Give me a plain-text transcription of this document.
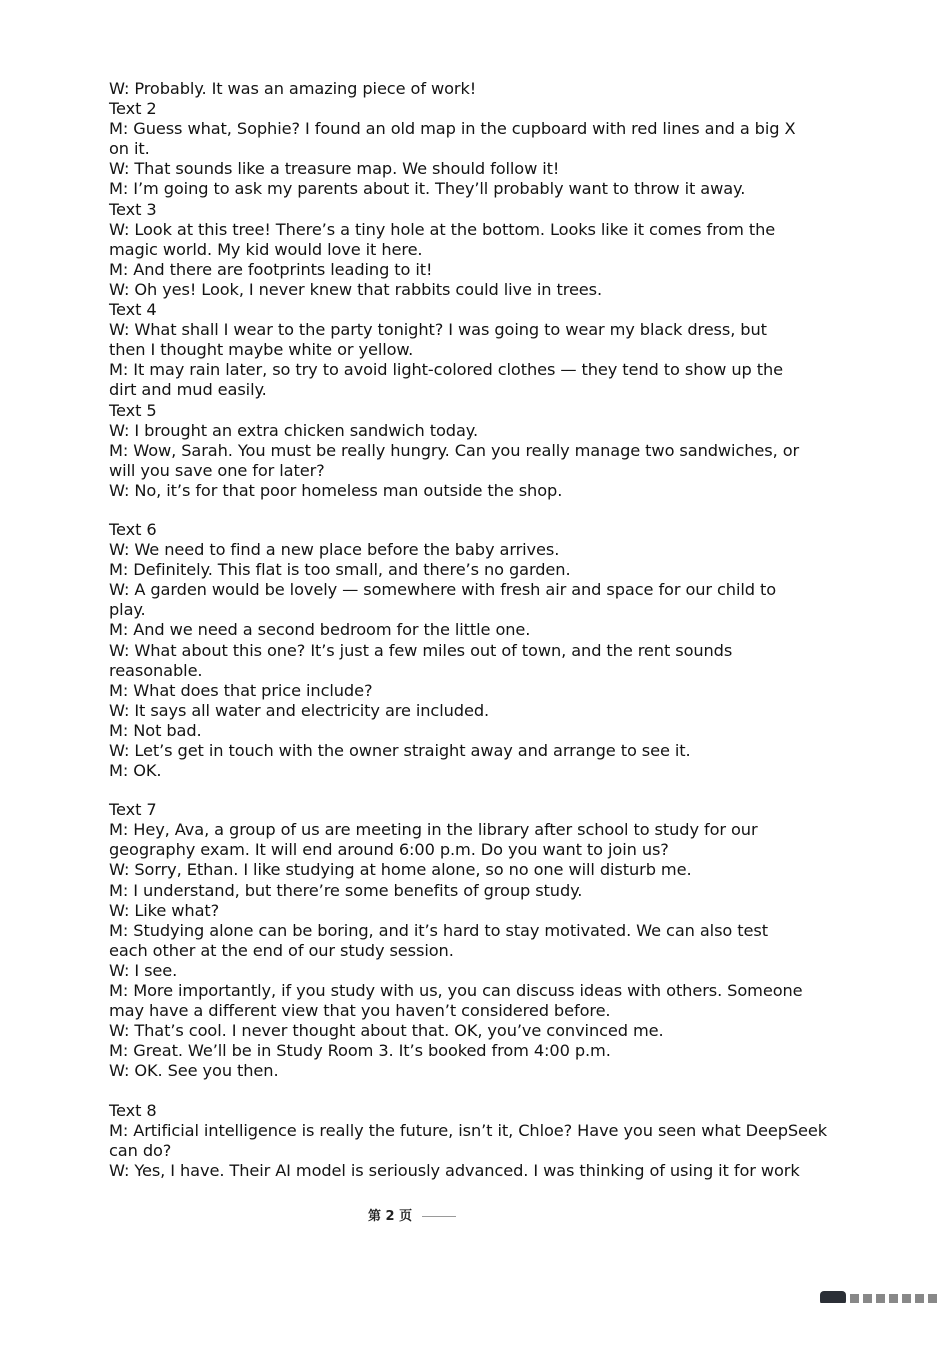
W: Probably. It was an amazing piece of work!
Text 2
M: Guess what, Sophie? I found an old map in the cupboard with red lines and a big X
on it.
W: That sounds like a treasure map. We should follow it!
M: I’m going to ask my parents about it. They’ll probably want to throw it away.
Text 3
W: Look at this tree! There’s a tiny hole at the bottom. Looks like it comes from the
magic world. My kid would love it here.
M: And there are footprints leading to it!
W: Oh yes! Look, I never knew that rabbits could live in trees.
Text 4
W: What shall I wear to the party tonight? I was going to wear my black dress, but
then I thought maybe white or yellow.
M: It may rain later, so try to avoid light-colored clothes — they tend to show up the
dirt and mud easily.
Text 5
W: I brought an extra chicken sandwich today.
M: Wow, Sarah. You must be really hungry. Can you really manage two sandwiches, or
will you save one for later?
W: No, it’s for that poor homeless man outside the shop.
Text 6
W: We need to find a new place before the baby arrives.
M: Definitely. This flat is too small, and there’s no garden.
W: A garden would be lovely — somewhere with fresh air and space for our child to
play.
M: And we need a second bedroom for the little one.
W: What about this one? It’s just a few miles out of town, and the rent sounds
reasonable.
M: What does that price include?
W: It says all water and electricity are included.
M: Not bad.
W: Let’s get in touch with the owner straight away and arrange to see it.
M: OK.
Text 7
M: Hey, Ava, a group of us are meeting in the library after school to study for our
geography exam. It will end around 6:00 p.m. Do you want to join us?
W: Sorry, Ethan. I like studying at home alone, so no one will disturb me.
M: I understand, but there’re some benefits of group study.
W: Like what?
M: Studying alone can be boring, and it’s hard to stay motivated. We can also test
each other at the end of our study session.
W: I see.
M: More importantly, if you study with us, you can discuss ideas with others. Someone
may have a different view that you haven’t considered before.
W: That’s cool. I never thought about that. OK, you’ve convinced me.
M: Great. We’ll be in Study Room 3. It’s booked from 4:00 p.m.
W: OK. See you then.
Text 8
M: Artificial intelligence is really the future, isn’t it, Chloe? Have you seen what DeepSeek
can do?
W: Yes, I have. Their AI model is seriously advanced. I was thinking of using it for work
第 2 页
